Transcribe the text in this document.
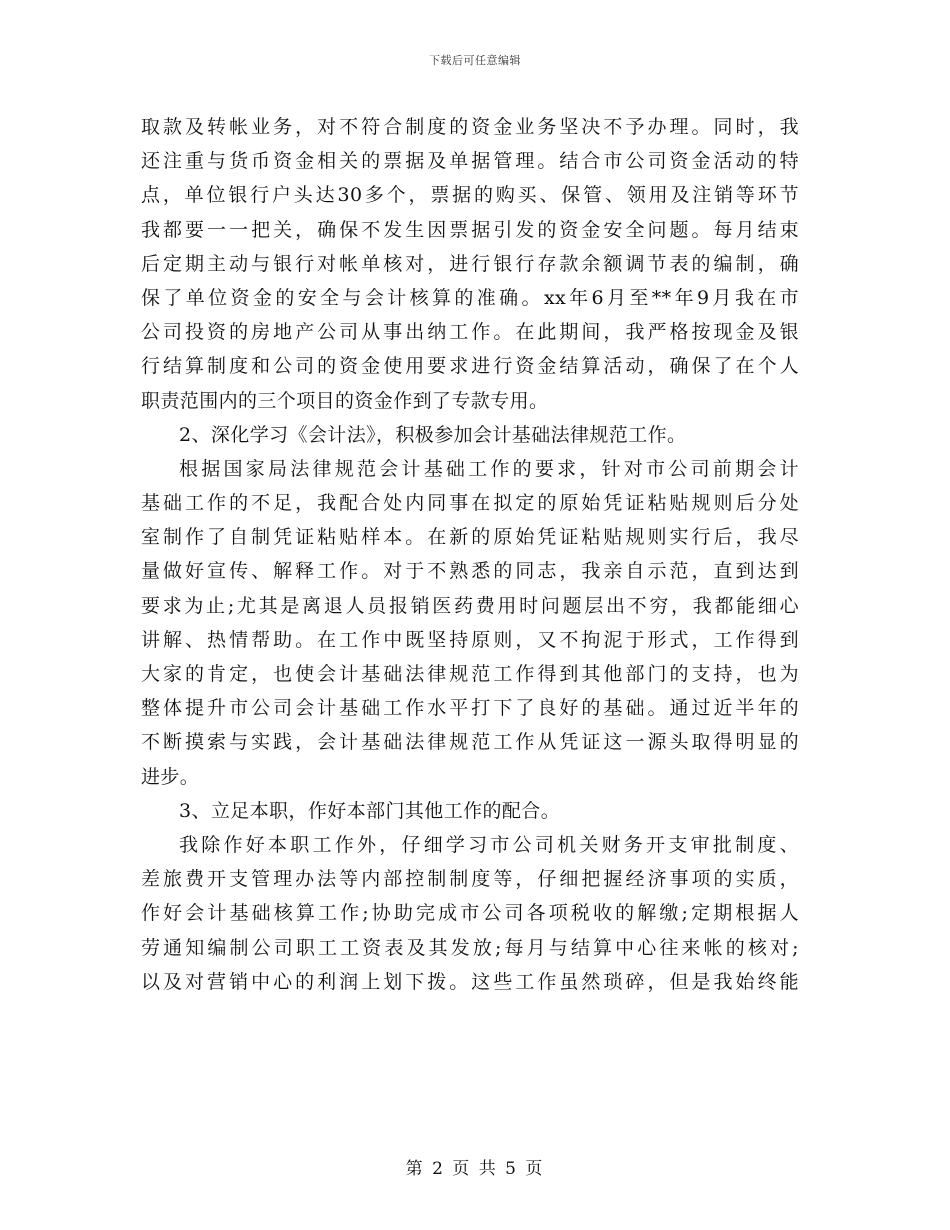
下载后可任意编辑
取款及转帐业务，对不符合制度的资金业务坚决不予办理。同时，我
还注重与货币资金相关的票据及单据管理。结合市公司资金活动的特
点，单位银行户头达30多个，票据的购买、保管、领用及注销等环节
我都要一一把关，确保不发生因票据引发的资金安全问题。每月结束
后定期主动与银行对帐单核对，进行银行存款余额调节表的编制，确
保了单位资金的安全与会计核算的准确。xx年6月至**年9月我在市
公司投资的房地产公司从事出纳工作。在此期间，我严格按现金及银
行结算制度和公司的资金使用要求进行资金结算活动，确保了在个人
职责范围内的三个项目的资金作到了专款专用。
2、深化学习《会计法》，积极参加会计基础法律规范工作。
根据国家局法律规范会计基础工作的要求，针对市公司前期会计
基础工作的不足，我配合处内同事在拟定的原始凭证粘贴规则后分处
室制作了自制凭证粘贴样本。在新的原始凭证粘贴规则实行后，我尽
量做好宣传、解释工作。对于不熟悉的同志，我亲自示范，直到达到
要求为止;尤其是离退人员报销医药费用时问题层出不穷，我都能细心
讲解、热情帮助。在工作中既坚持原则，又不拘泥于形式，工作得到
大家的肯定，也使会计基础法律规范工作得到其他部门的支持，也为
整体提升市公司会计基础工作水平打下了良好的基础。通过近半年的
不断摸索与实践，会计基础法律规范工作从凭证这一源头取得明显的
进步。
3、立足本职，作好本部门其他工作的配合。
我除作好本职工作外，仔细学习市公司机关财务开支审批制度、
差旅费开支管理办法等内部控制制度等，仔细把握经济事项的实质，
作好会计基础核算工作;协助完成市公司各项税收的解缴;定期根据人
劳通知编制公司职工工资表及其发放;每月与结算中心往来帐的核对;
以及对营销中心的利润上划下拨。这些工作虽然琐碎，但是我始终能
第 2 页 共 5 页
